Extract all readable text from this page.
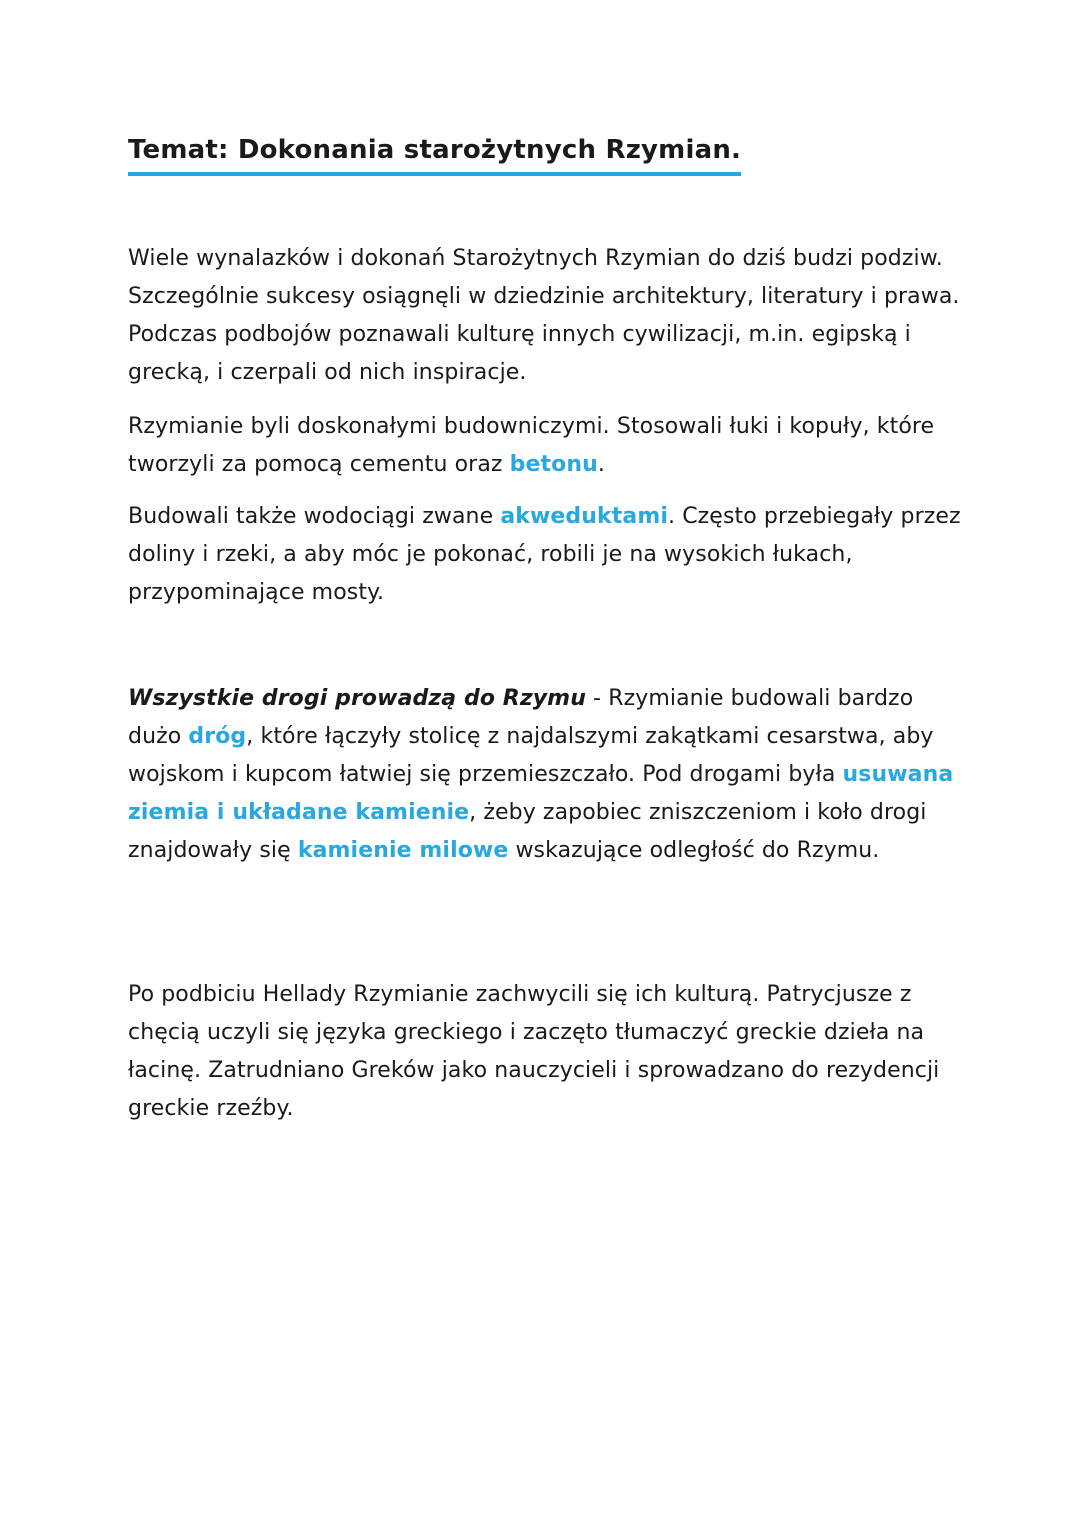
Temat: Dokonania starożytnych Rzymian.

Wiele wynalazków i dokonań Starożytnych Rzymian do dziś budzi podziw. Szczególnie sukcesy osiągnęli w dziedzinie architektury, literatury i prawa. Podczas podbojów poznawali kulturę innych cywilizacji, m.in. egipską i grecką, i czerpali od nich inspiracje.

Rzymianie byli doskonałymi budowniczymi. Stosowali łuki i kopuły, które tworzyli za pomocą cementu oraz betonu.

Budowali także wodociągi zwane akweduktami. Często przebiegały przez doliny i rzeki, a aby móc je pokonać, robili je na wysokich łukach, przypominające mosty.

Wszystkie drogi prowadzą do Rzymu - Rzymianie budowali bardzo dużo dróg, które łączyły stolicę z najdalszymi zakątkami cesarstwa, aby wojskom i kupcom łatwiej się przemieszczało. Pod drogami była usuwana ziemia i układane kamienie, żeby zapobiec zniszczeniom i koło drogi znajdowały się kamienie milowe wskazujące odległość do Rzymu.

Po podbiciu Hellady Rzymianie zachwycili się ich kulturą. Patrycjusze z chęcią uczyli się języka greckiego i zaczęto tłumaczyć greckie dzieła na łacinę. Zatrudniano Greków jako nauczycieli i sprowadzano do rezydencji greckie rzeźby.
